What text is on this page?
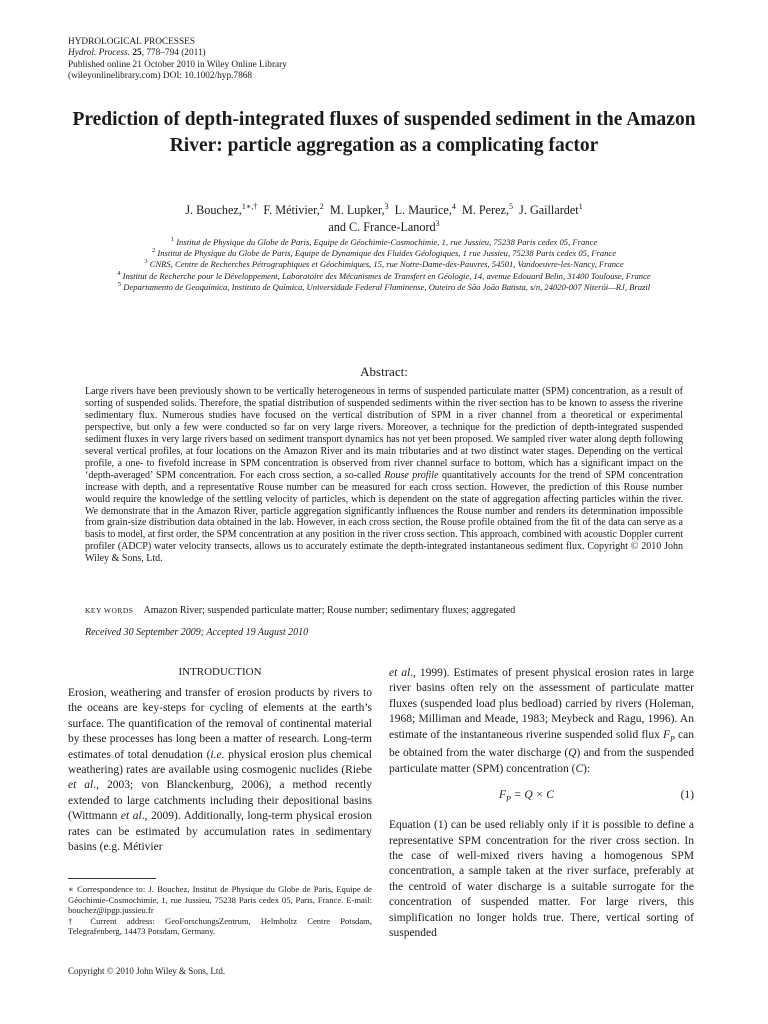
HYDROLOGICAL PROCESSES
Hydrol. Process. 25, 778–794 (2011)
Published online 21 October 2010 in Wiley Online Library
(wileyonlinelibrary.com) DOI: 10.1002/hyp.7868
Prediction of depth-integrated fluxes of suspended sediment in the Amazon River: particle aggregation as a complicating factor
J. Bouchez,$^{1∗,\dagger}$ F. Métivier,$^2$ M. Lupker,$^3$ L. Maurice,$^4$ M. Perez,$^5$ J. Gaillardet$^1$
and C. France-Lanord$^3$
$^1$ Institut de Physique du Globe de Paris, Equipe de Géochimie-Cosmochimie, 1, rue Jussieu, 75238 Paris cedex 05, France
$^2$ Institut de Physique du Globe de Paris, Equipe de Dynamique des Fluides Géologiques, 1 rue Jussieu, 75238 Paris cedex 05, France
$^3$ CNRS, Centre de Recherches Pétrographiques et Géochimiques, 15, rue Notre-Dame-des-Pauvres, 54501, Vandoeuvre-les-Nancy, France
$^4$ Institut de Recherche pour le Développement, Laboratoire des Mécanismes de Transfert en Géologie, 14, avenue Edouard Belin, 31400 Toulouse, France
$^5$ Departamento de Geoquímica, Instituto de Química, Universidade Federal Fluminense, Outeiro de São João Batista, s/n, 24020-007 Niterói—RJ, Brazil
Abstract:
Large rivers have been previously shown to be vertically heterogeneous in terms of suspended particulate matter (SPM) concentration, as a result of sorting of suspended solids. Therefore, the spatial distribution of suspended sediments within the river section has to be known to assess the riverine sedimentary flux. Numerous studies have focused on the vertical distribution of SPM in a river channel from a theoretical or experimental perspective, but only a few were conducted so far on very large rivers. Moreover, a technique for the prediction of depth-integrated suspended sediment fluxes in very large rivers based on sediment transport dynamics has not yet been proposed. We sampled river water along depth following several vertical profiles, at four locations on the Amazon River and its main tributaries and at two distinct water stages. Depending on the vertical profile, a one- to fivefold increase in SPM concentration is observed from river channel surface to bottom, which has a significant impact on the ‘depth-averaged’ SPM concentration. For each cross section, a so-called Rouse profile quantitatively accounts for the trend of SPM concentration increase with depth, and a representative Rouse number can be measured for each cross section. However, the prediction of this Rouse number would require the knowledge of the settling velocity of particles, which is dependent on the state of aggregation affecting particles within the river. We demonstrate that in the Amazon River, particle aggregation significantly influences the Rouse number and renders its determination impossible from grain-size distribution data obtained in the lab. However, in each cross section, the Rouse profile obtained from the fit of the data can serve as a basis to model, at first order, the SPM concentration at any position in the river cross section. This approach, combined with acoustic Doppler current profiler (ADCP) water velocity transects, allows us to accurately estimate the depth-integrated instantaneous sediment flux. Copyright © 2010 John Wiley & Sons, Ltd.
KEY WORDS Amazon River; suspended particulate matter; Rouse number; sedimentary fluxes; aggregated
Received 30 September 2009; Accepted 19 August 2010
INTRODUCTION
Erosion, weathering and transfer of erosion products by rivers to the oceans are key-steps for cycling of elements at the earth’s surface. The quantification of the removal of continental material by these processes has long been a matter of research. Long-term estimates of total denudation (i.e. physical erosion plus chemical weathering) rates are available using cosmogenic nuclides (Riebe et al., 2003; von Blanckenburg, 2006), a method recently extended to large catchments including their depositional basins (Wittmann et al., 2009). Additionally, long-term physical erosion rates can be estimated by accumulation rates in sedimentary basins (e.g. Métivier
et al., 1999). Estimates of present physical erosion rates in large river basins often rely on the assessment of particulate matter fluxes (suspended load plus bedload) carried by rivers (Holeman, 1968; Milliman and Meade, 1983; Meybeck and Ragu, 1996). An estimate of the instantaneous riverine suspended solid flux $F_P$ can be obtained from the water discharge (Q) and from the suspended particulate matter (SPM) concentration (C):
$F_P = Q \times C$	(1)
Equation (1) can be used reliably only if it is possible to define a representative SPM concentration for the river cross section. In the case of well-mixed rivers having a homogenous SPM concentration, a sample taken at the river surface, preferably at the centroid of water discharge is a suitable surrogate for the concentration of suspended matter. For large rivers, this simplification no longer holds true. There, vertical sorting of suspended

∗ Correspondence to: J. Bouchez, Institut de Physique du Globe de Paris, Equipe de Géochimie-Cosmochimie, 1, rue Jussieu, 75238 Paris cedex 05, Paris, France. E-mail: bouchez@ipgp.jussieu.fr

† Current address: GeoForschungsZentrum, Helmholtz Centre Potsdam, Telegrafenberg, 14473 Potsdam, Germany.

Copyright © 2010 John Wiley & Sons, Ltd.
